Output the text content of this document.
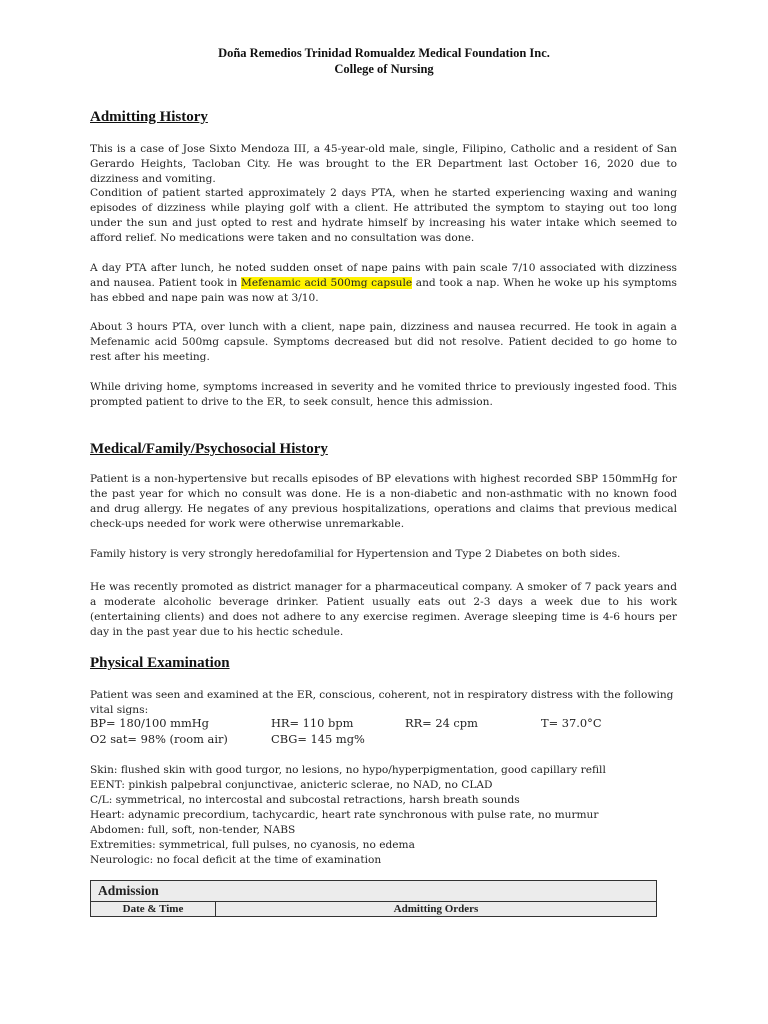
Doña Remedios Trinidad Romualdez Medical Foundation Inc.
College of Nursing
Admitting History
This is a case of Jose Sixto Mendoza III, a 45-year-old male, single, Filipino, Catholic and a resident of San Gerardo Heights, Tacloban City. He was brought to the ER Department last October 16, 2020 due to dizziness and vomiting.
Condition of patient started approximately 2 days PTA, when he started experiencing waxing and waning episodes of dizziness while playing golf with a client. He attributed the symptom to staying out too long under the sun and just opted to rest and hydrate himself by increasing his water intake which seemed to afford relief. No medications were taken and no consultation was done.
A day PTA after lunch, he noted sudden onset of nape pains with pain scale 7/10 associated with dizziness and nausea. Patient took in Mefenamic acid 500mg capsule and took a nap. When he woke up his symptoms has ebbed and nape pain was now at 3/10.
About 3 hours PTA, over lunch with a client, nape pain, dizziness and nausea recurred. He took in again a Mefenamic acid 500mg capsule. Symptoms decreased but did not resolve. Patient decided to go home to rest after his meeting.
While driving home, symptoms increased in severity and he vomited thrice to previously ingested food. This prompted patient to drive to the ER, to seek consult, hence this admission.
Medical/Family/Psychosocial History
Patient is a non-hypertensive but recalls episodes of BP elevations with highest recorded SBP 150mmHg for the past year for which no consult was done. He is a non-diabetic and non-asthmatic with no known food and drug allergy. He negates of any previous hospitalizations, operations and claims that previous medical check-ups needed for work were otherwise unremarkable.
Family history is very strongly heredofamilial for Hypertension and Type 2 Diabetes on both sides.
He was recently promoted as district manager for a pharmaceutical company. A smoker of 7 pack years and a moderate alcoholic beverage drinker. Patient usually eats out 2-3 days a week due to his work (entertaining clients) and does not adhere to any exercise regimen. Average sleeping time is 4-6 hours per day in the past year due to his hectic schedule.
Physical Examination
Patient was seen and examined at the ER, conscious, coherent, not in respiratory distress with the following vital signs:
BP= 180/100 mmHg	HR= 110 bpm	RR= 24 cpm	T= 37.0°C
O2 sat= 98% (room air)	CBG= 145 mg%
Skin: flushed skin with good turgor, no lesions, no hypo/hyperpigmentation, good capillary refill
EENT: pinkish palpebral conjunctivae, anicteric sclerae, no NAD, no CLAD
C/L: symmetrical, no intercostal and subcostal retractions, harsh breath sounds
Heart: adynamic precordium, tachycardic, heart rate synchronous with pulse rate, no murmur
Abdomen: full, soft, non-tender, NABS
Extremities: symmetrical, full pulses, no cyanosis, no edema
Neurologic: no focal deficit at the time of examination
Admission
Date & Time	Admitting Orders
